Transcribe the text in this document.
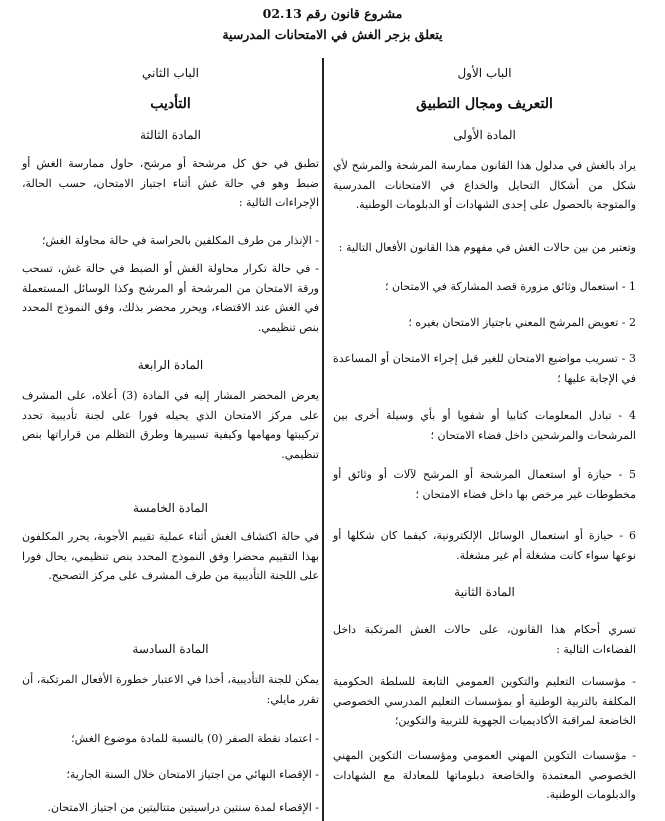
مشروع قانون رقم 02.13
يتعلق بزجر الغش في الامتحانات المدرسية
الباب الأول
التعريف ومجال التطبيق
المادة الأولى
يراد بالغش في مدلول هذا القانون ممارسة المرشحة والمرشح لأي شكل من أشكال التحايل والخداع في الامتحانات المدرسية والمتوجة بالحصول على إحدى الشهادات أو الدبلومات الوطنية.
وتعتبر من بين حالات الغش في مفهوم هذا القانون الأفعال التالية :
1 - استعمال وثائق مزورة قصد المشاركة في الامتحان ؛
2 - تعويض المرشح المعني باجتياز الامتحان بغيره ؛
3 - تسريب مواضيع الامتحان للغير قبل إجراء الامتحان أو المساعدة في الإجابة عليها ؛
4 - تبادل المعلومات كتابيا أو شفويا أو بأي وسيلة أخرى بين المرشحات والمرشحين داخل فضاء الامتحان ؛
5 - حيازة أو استعمال المرشحة أو المرشح لآلات أو وثائق أو مخطوطات غير مرخص بها داخل فضاء الامتحان ؛
6 - حيازة أو استعمال الوسائل الإلكترونية، كيفما كان شكلها أو نوعها سواء كانت مشغلة أم غير مشغلة.
المادة الثانية
تسري أحكام هذا القانون، على حالات الغش المرتكبة داخل الفضاءات التالية :
- مؤسسات التعليم والتكوين العمومي التابعة للسلطة الحكومية المكلفة بالتربية الوطنية أو بمؤسسات التعليم المدرسي الخصوصي الخاضعة لمراقبة الأكاديميات الجهوية للتربية والتكوين؛
- مؤسسات التكوين المهني العمومي ومؤسسات التكوين المهني الخصوصي المعتمدة والخاضعة دبلوماتها للمعادلة مع الشهادات والدبلومات الوطنية.
الباب الثاني
التأديب
المادة الثالثة
تطبق في حق كل مرشحة أو مرشح، حاول ممارسة الغش أو ضبط وهو في حالة غش أثناء اجتياز الامتحان، حسب الحالة، الإجراءات التالية :
- الإنذار من طرف المكلفين بالحراسة في حالة محاولة الغش؛
- في حالة تكرار محاولة الغش أو الضبط في حالة غش، تسحب ورقة الامتحان من المرشحة أو المرشح وكذا الوسائل المستعملة في الغش عند الاقتضاء، ويحرر محضر بذلك، وفق النموذج المحدد بنص تنظيمي.
المادة الرابعة
يعرض المحضر المشار إليه في المادة (3) أعلاه، على المشرف على مركز الامتحان الذي يحيله فورا على لجنة تأديبية تحدد تركيبتها ومهامها وكيفية تسييرها وطرق التظلم من قراراتها بنص تنظيمي.
المادة الخامسة
في حالة اكتشاف الغش أثناء عملية تقييم الأجوبة، يحرر المكلفون بهذا التقييم محضرا وفق النموذج المحدد بنص تنظيمي، يحال فورا على اللجنة التأديبية من طرف المشرف على مركز التصحيح.
المادة السادسة
يمكن للجنة التأديبية، أخذا في الاعتبار خطورة الأفعال المرتكبة، أن تقرر مايلي:
- اعتماد نقطة الصفر (0) بالنسبة للمادة موضوع الغش؛
- الإقصاء النهائي من اجتياز الامتحان خلال السنة الجارية؛
- الإقصاء لمدة سنتين دراسيتين متتاليتين من اجتياز الامتحان.
